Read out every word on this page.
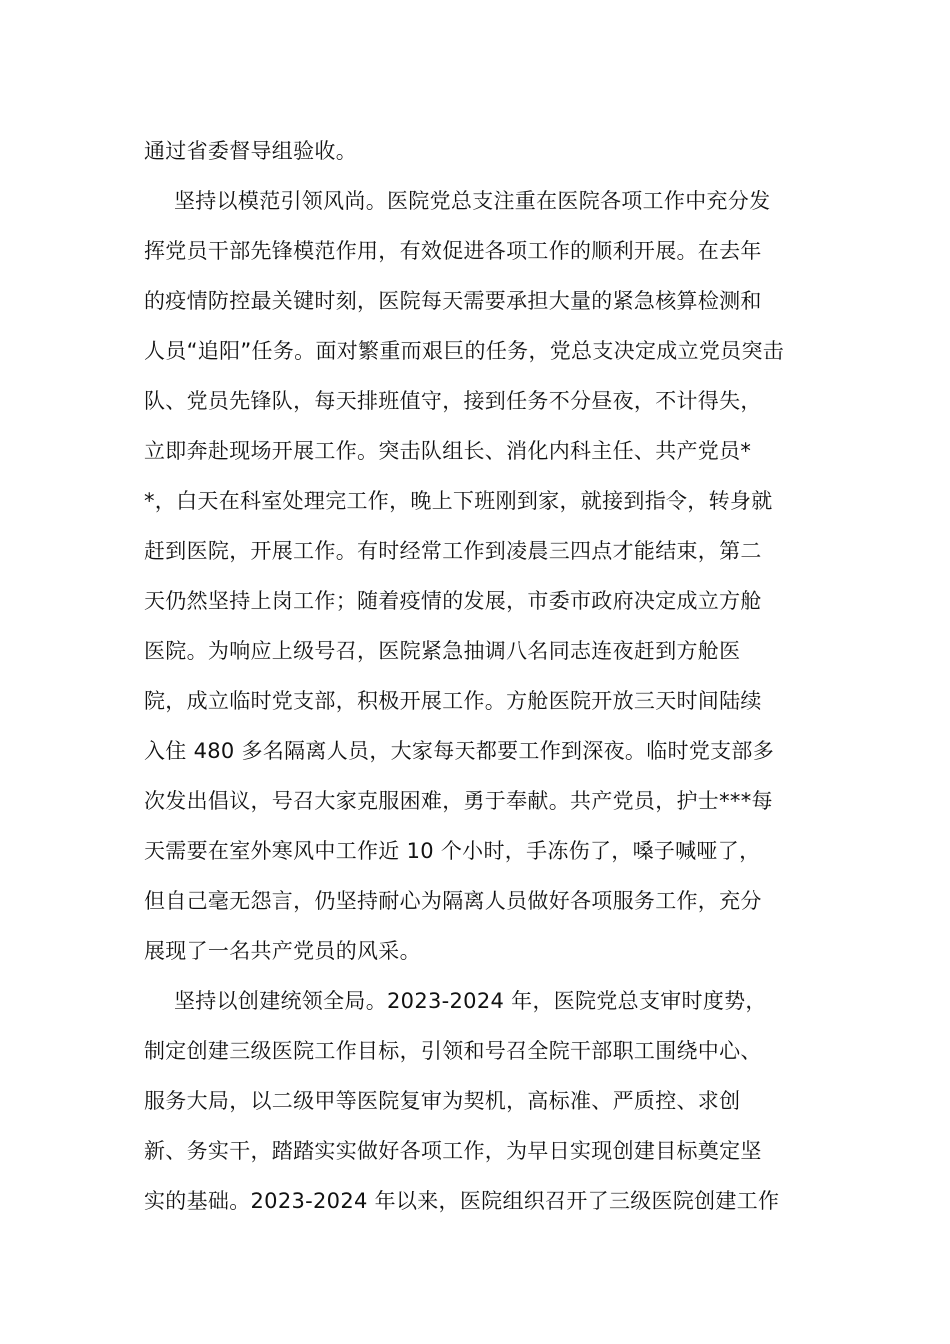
通过省委督导组验收。
坚持以模范引领风尚。医院党总支注重在医院各项工作中充分发
挥党员干部先锋模范作用，有效促进各项工作的顺利开展。在去年
的疫情防控最关键时刻，医院每天需要承担大量的紧急核算检测和
人员“追阳”任务。面对繁重而艰巨的任务，党总支决定成立党员突击
队、党员先锋队，每天排班值守，接到任务不分昼夜，不计得失，
立即奔赴现场开展工作。突击队组长、消化内科主任、共产党员*
*，白天在科室处理完工作，晚上下班刚到家，就接到指令，转身就
赶到医院，开展工作。有时经常工作到凌晨三四点才能结束，第二
天仍然坚持上岗工作；随着疫情的发展，市委市政府决定成立方舱
医院。为响应上级号召，医院紧急抽调八名同志连夜赶到方舱医
院，成立临时党支部，积极开展工作。方舱医院开放三天时间陆续
入住 480 多名隔离人员，大家每天都要工作到深夜。临时党支部多
次发出倡议，号召大家克服困难，勇于奉献。共产党员，护士***每
天需要在室外寒风中工作近 10 个小时，手冻伤了，嗓子喊哑了，
但自己毫无怨言，仍坚持耐心为隔离人员做好各项服务工作，充分
展现了一名共产党员的风采。
坚持以创建统领全局。2023-2024 年，医院党总支审时度势，
制定创建三级医院工作目标，引领和号召全院干部职工围绕中心、
服务大局，以二级甲等医院复审为契机，高标准、严质控、求创
新、务实干，踏踏实实做好各项工作，为早日实现创建目标奠定坚
实的基础。2023-2024 年以来，医院组织召开了三级医院创建工作
